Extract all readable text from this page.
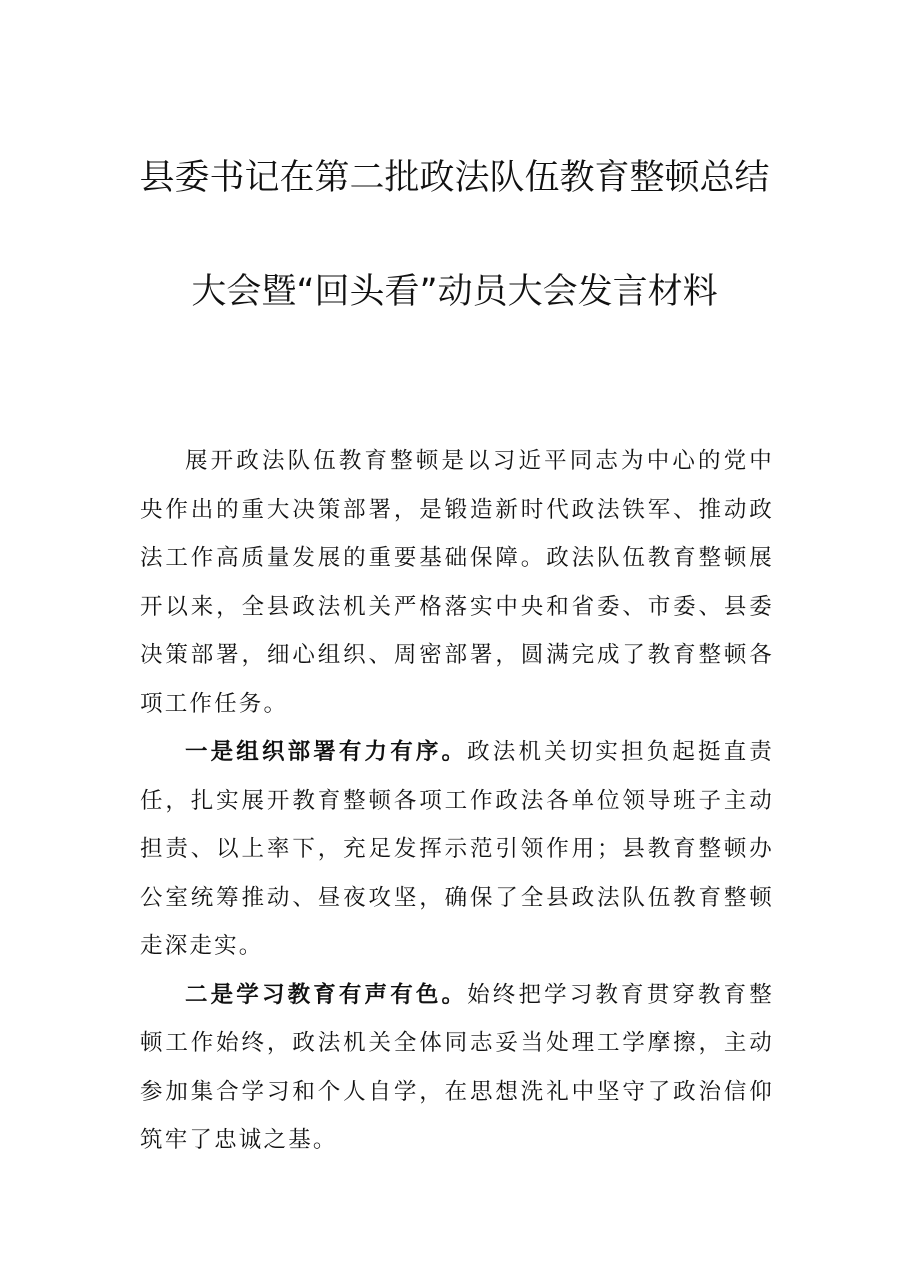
县委书记在第二批政法队伍教育整顿总结
大会暨“回头看”动员大会发言材料

展开政法队伍教育整顿是以习近平同志为中心的党中央作出的重大决策部署，是锻造新时代政法铁军、推动政法工作高质量发展的重要基础保障。政法队伍教育整顿展开以来，全县政法机关严格落实中央和省委、市委、县委决策部署，细心组织、周密部署，圆满完成了教育整顿各项工作任务。

一是组织部署有力有序。政法机关切实担负起挺直责任，扎实展开教育整顿各项工作政法各单位领导班子主动担责、以上率下，充足发挥示范引领作用；县教育整顿办公室统筹推动、昼夜攻坚，确保了全县政法队伍教育整顿走深走实。

二是学习教育有声有色。始终把学习教育贯穿教育整顿工作始终，政法机关全体同志妥当处理工学摩擦，主动参加集合学习和个人自学，在思想洗礼中坚守了政治信仰筑牢了忠诚之基。
